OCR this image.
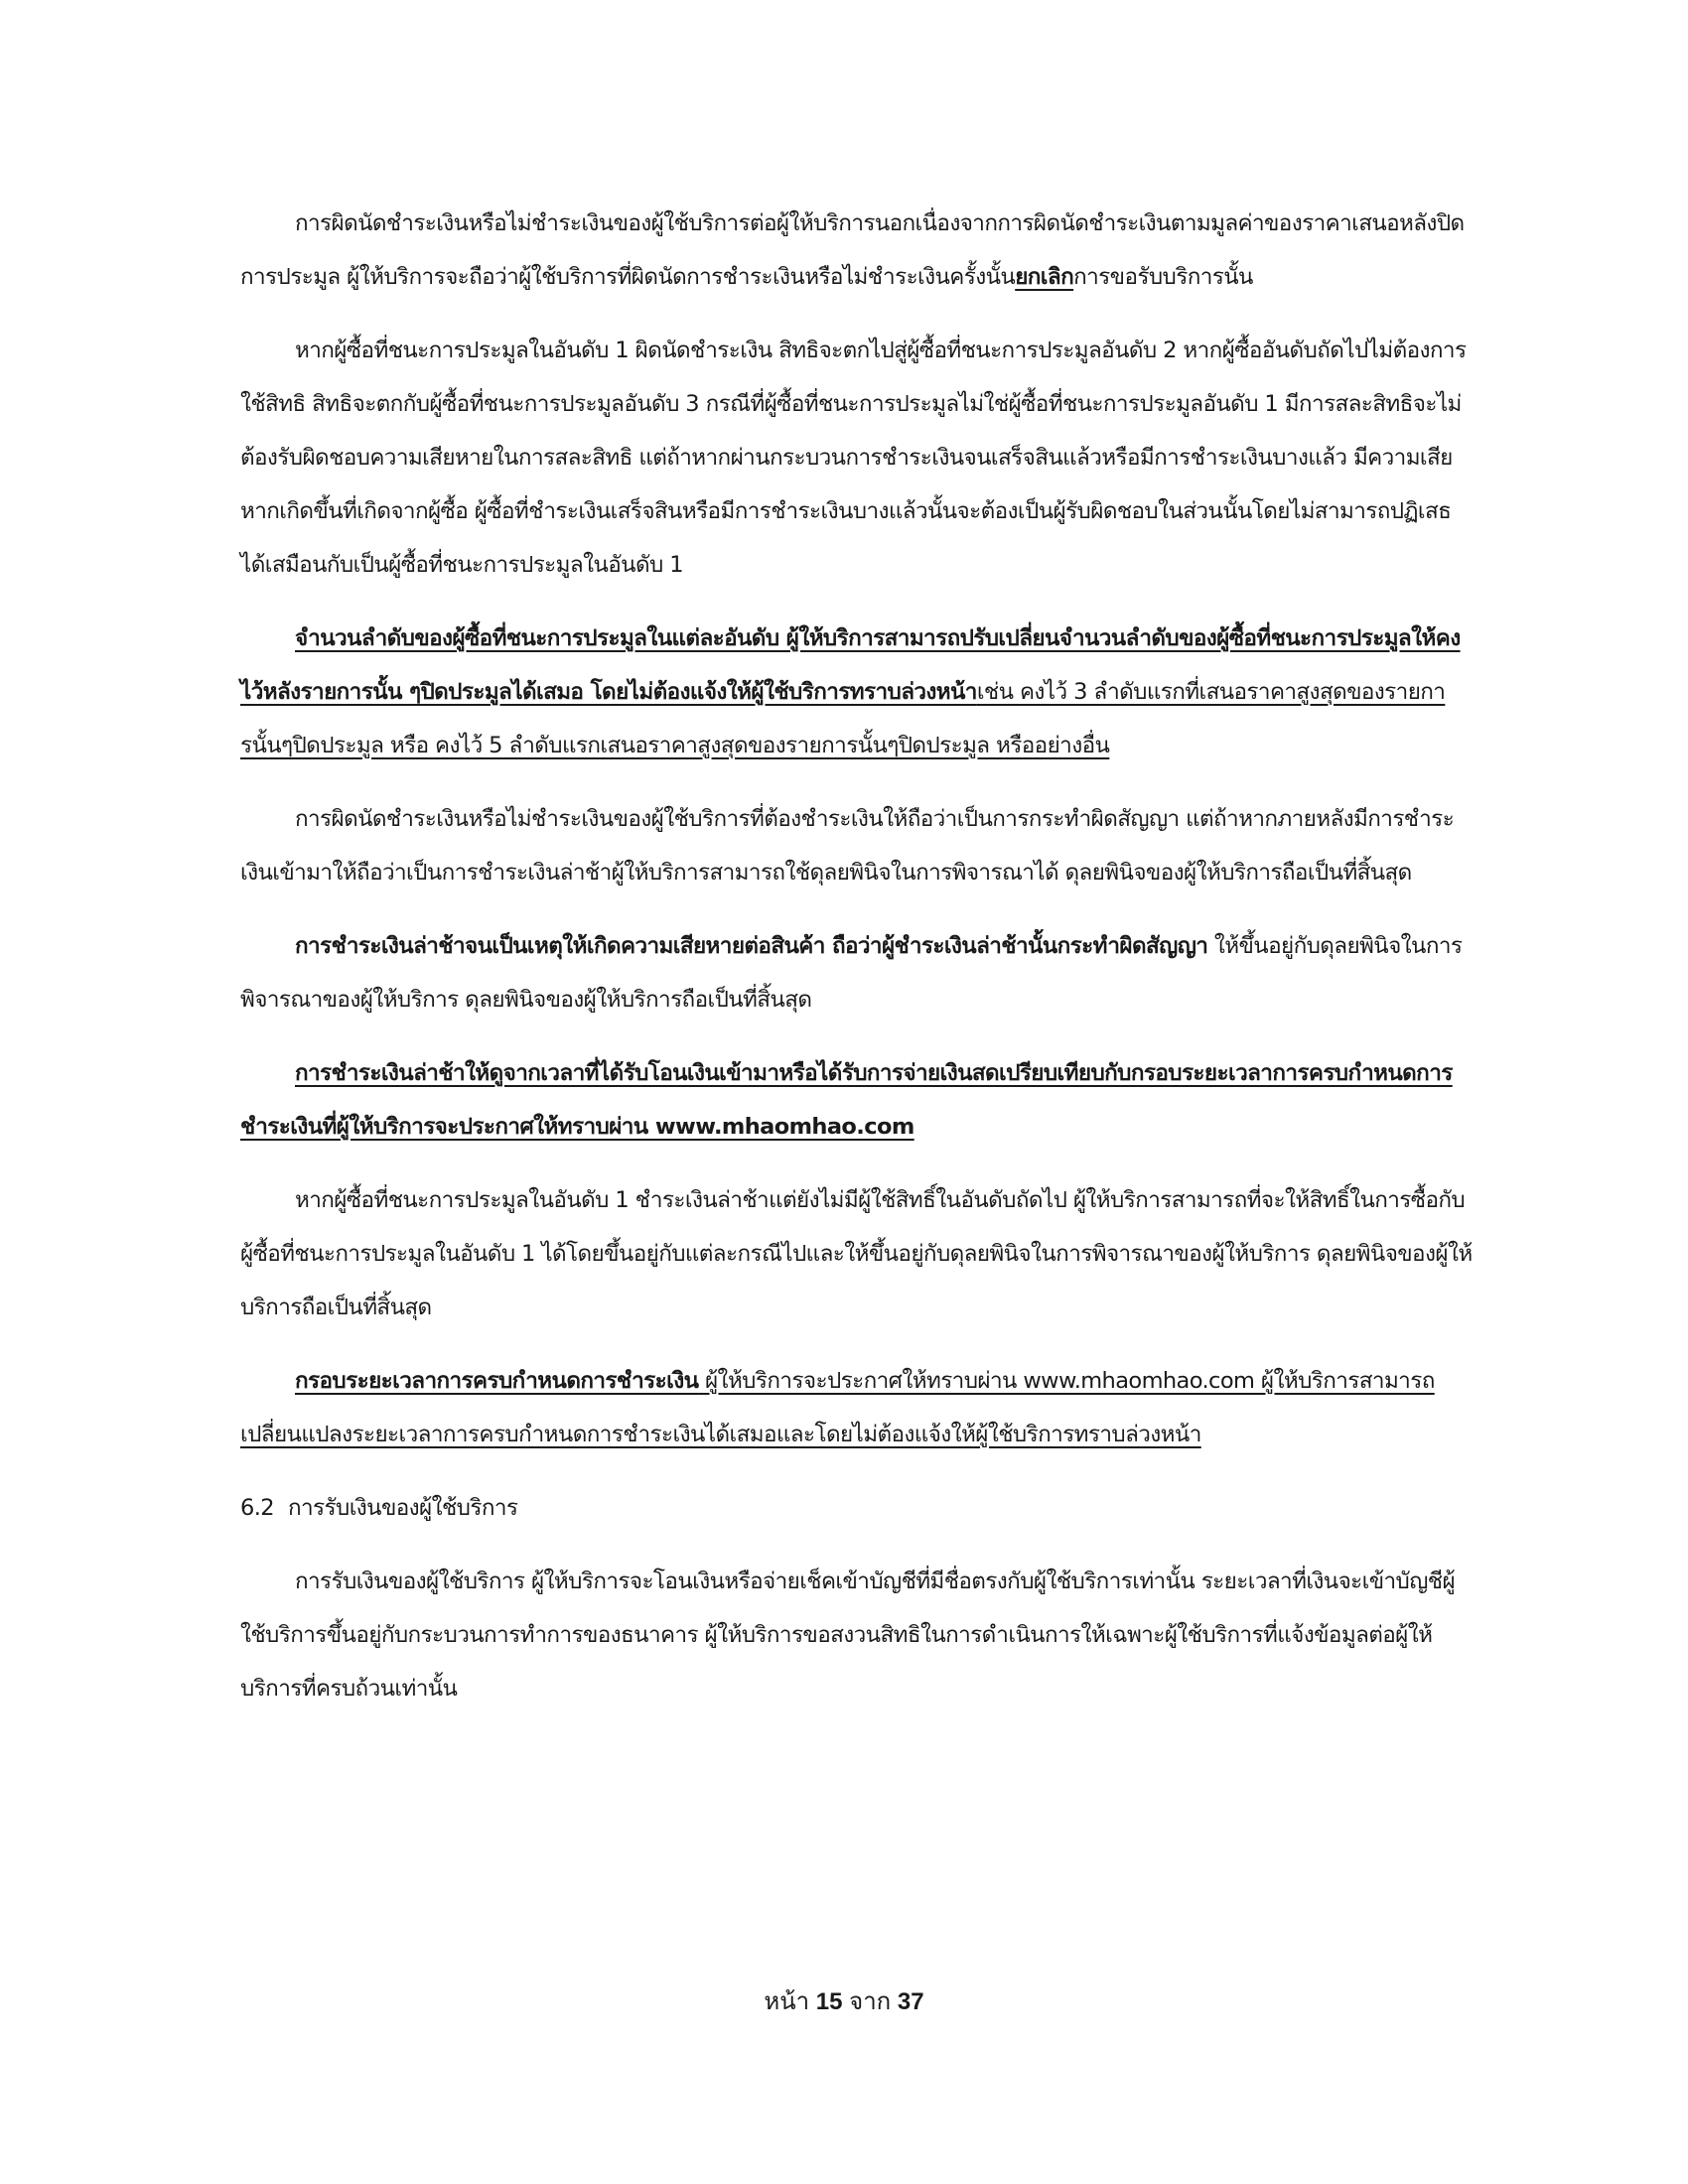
การผิดนัดชำระเงินหรือไม่ชำระเงินของผู้ใช้บริการต่อผู้ให้บริการนอกเนื่องจากการผิดนัดชำระเงินตามมูลค่าของราคาเสนอหลังปิดการประมูล ผู้ให้บริการจะถือว่าผู้ใช้บริการที่ผิดนัดการชำระเงินหรือไม่ชำระเงินครั้งนั้นยกเลิกการขอรับบริการนั้น

หากผู้ซื้อที่ชนะการประมูลในอันดับ 1 ผิดนัดชำระเงิน สิทธิจะตกไปสู่ผู้ซื้อที่ชนะการประมูลอันดับ 2 หากผู้ซื้ออันดับถัดไปไม่ต้องการใช้สิทธิ สิทธิจะตกกับผู้ซื้อที่ชนะการประมูลอันดับ 3 กรณีที่ผู้ซื้อที่ชนะการประมูลไม่ใช่ผู้ซื้อที่ชนะการประมูลอันดับ 1 มีการสละสิทธิจะไม่ต้องรับผิดชอบความเสียหายในการสละสิทธิ แต่ถ้าหากผ่านกระบวนการชำระเงินจนเสร็จสินแล้วหรือมีการชำระเงินบางแล้ว มีความเสียหากเกิดขึ้นที่เกิดจากผู้ซื้อ ผู้ซื้อที่ชำระเงินเสร็จสินหรือมีการชำระเงินบางแล้วนั้นจะต้องเป็นผู้รับผิดชอบในส่วนนั้นโดยไม่สามารถปฏิเสธได้เสมือนกับเป็นผู้ซื้อที่ชนะการประมูลในอันดับ 1

จำนวนลำดับของผู้ซื้อที่ชนะการประมูลในแต่ละอันดับ ผู้ให้บริการสามารถปรับเปลี่ยนจำนวนลำดับของผู้ซื้อที่ชนะการประมูลให้คงไว้หลังรายการนั้น ๆปิดประมูลได้เสมอ โดยไม่ต้องแจ้งให้ผู้ใช้บริการทราบล่วงหน้าเช่น คงไว้ 3 ลำดับแรกที่เสนอราคาสูงสุดของรายการนั้นๆปิดประมูล หรือ คงไว้ 5 ลำดับแรกเสนอราคาสูงสุดของรายการนั้นๆปิดประมูล หรืออย่างอื่น

การผิดนัดชำระเงินหรือไม่ชำระเงินของผู้ใช้บริการที่ต้องชำระเงินให้ถือว่าเป็นการกระทำผิดสัญญา แต่ถ้าหากภายหลังมีการชำระเงินเข้ามาให้ถือว่าเป็นการชำระเงินล่าช้าผู้ให้บริการสามารถใช้ดุลยพินิจในการพิจารณาได้ ดุลยพินิจของผู้ให้บริการถือเป็นที่สิ้นสุด

การชำระเงินล่าช้าจนเป็นเหตุให้เกิดความเสียหายต่อสินค้า ถือว่าผู้ชำระเงินล่าช้านั้นกระทำผิดสัญญา ให้ขึ้นอยู่กับดุลยพินิจในการพิจารณาของผู้ให้บริการ ดุลยพินิจของผู้ให้บริการถือเป็นที่สิ้นสุด

การชำระเงินล่าช้าให้ดูจากเวลาที่ได้รับโอนเงินเข้ามาหรือได้รับการจ่ายเงินสดเปรียบเทียบกับกรอบระยะเวลาการครบกำหนดการชำระเงินที่ผู้ให้บริการจะประกาศให้ทราบผ่าน www.mhaomhao.com

หากผู้ซื้อที่ชนะการประมูลในอันดับ 1 ชำระเงินล่าช้าแต่ยังไม่มีผู้ใช้สิทธิ์ในอันดับถัดไป ผู้ให้บริการสามารถที่จะให้สิทธิ์ในการซื้อกับผู้ซื้อที่ชนะการประมูลในอันดับ 1 ได้โดยขึ้นอยู่กับแต่ละกรณีไปและให้ขึ้นอยู่กับดุลยพินิจในการพิจารณาของผู้ให้บริการ ดุลยพินิจของผู้ให้บริการถือเป็นที่สิ้นสุด

กรอบระยะเวลาการครบกำหนดการชำระเงิน ผู้ให้บริการจะประกาศให้ทราบผ่าน www.mhaomhao.com ผู้ให้บริการสามารถเปลี่ยนแปลงระยะเวลาการครบกำหนดการชำระเงินได้เสมอและโดยไม่ต้องแจ้งให้ผู้ใช้บริการทราบล่วงหน้า

6.2 การรับเงินของผู้ใช้บริการ

การรับเงินของผู้ใช้บริการ ผู้ให้บริการจะโอนเงินหรือจ่ายเช็คเข้าบัญชีที่มีชื่อตรงกับผู้ใช้บริการเท่านั้น ระยะเวลาที่เงินจะเข้าบัญชีผู้ใช้บริการขึ้นอยู่กับกระบวนการทำการของธนาคาร ผู้ให้บริการขอสงวนสิทธิในการดำเนินการให้เฉพาะผู้ใช้บริการที่แจ้งข้อมูลต่อผู้ให้บริการที่ครบถ้วนเท่านั้น

หน้า 15 จาก 37
